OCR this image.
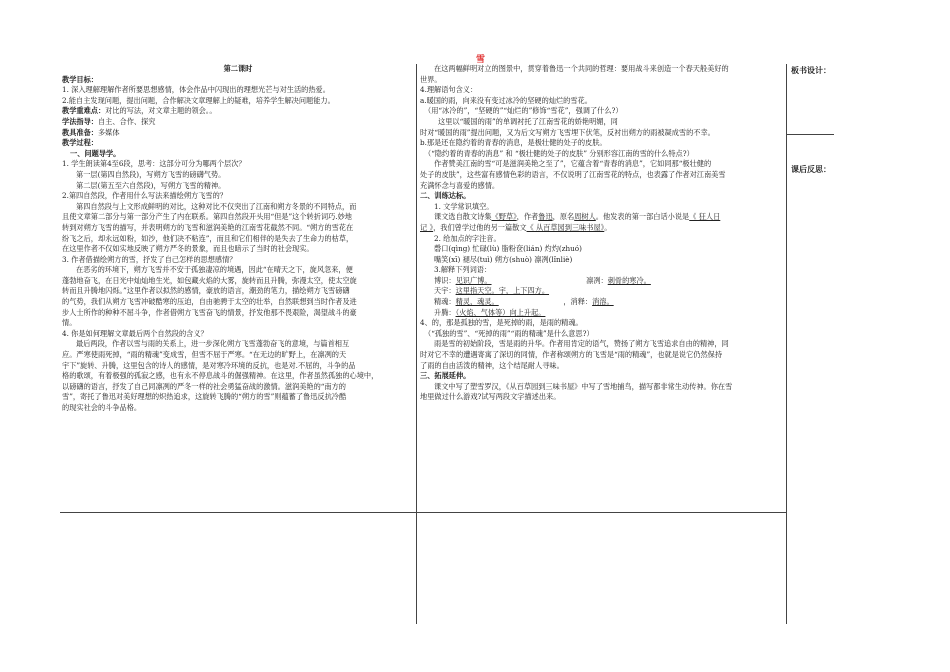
雪

第二课时

教学目标：

1. 深入理解理解作者所要思想感情，体会作品中闪现出的理想光芒与对生活的热爱。

2.能自主发现问题，提出问题，合作解决文章理解上的疑难，培养学生解决问题能力。

教学重难点：对比的写法，对文章主题的领会。。

学法指导：自主、合作、探究

教具准备：多媒体

教学过程：

一、问题导学。

1. 学生朗读第4至6段，思考：这部分可分为哪两个层次？

第一层(第四自然段)，写朔方飞雪的磅礴气势。

第二层(第五至六自然段)，写朔方飞雪的精神。

2.第四自然段，作者用什么写法来描绘朔方飞雪的？

第四自然段与上文形成鲜明的对比，这种对比不仅突出了江南和朔方冬景的不同特点，而

且使文章第二部分与第一部分产生了内在联系。第四自然段开头用“但是”这个转折词巧.妙地

转到对朔方飞雪的描写，并表明朔方的飞雪和滋润美艳的江南雪花截然不同。“朔方的雪花在

纷飞之后，却永远如粉，如沙，他们决不粘连”，而且和它们相伴的是失去了生命力的枯草，

在这里作者不仅如实地反映了朔方严冬的景象，而且也暗示了当时的社会现实。

3. 作者借描绘朔方的雪，抒发了自己怎样的思想感情？

在恶劣的环境下，朔方飞雪并不安于孤独凄凉的境遇，因此“在晴天之下，旋风忽来，便

蓬勃地奋飞，在日光中灿灿地生光，如包藏火焰的大雾，旋转而且升腾，弥漫太空，使太空旋

转而且升腾地闪烁。”这里作者以拟然的感情，豪放的语言，潮劲的笔力，描绘朔方飞雪磅礴

的气势，我们从朔方飞雪冲破酷寒的压迫，自由驰骋于太空的壮举，自然联想到当时作者及进

步人士所作的种种不屈斗争，作者借朔方飞雪奋飞的情景，抒发他那不畏艰险，渴望战斗的豪

情。

4. 你是如何理解文章最后两个自然段的含义？

最后两段，作者以雪与雨的关系上，进一步深化朔方飞雪蓬勃奋飞的意境，与篇首相互

应。严寒使雨死掉，“雨的精魂”变成雪，但雪不屈于严寒。“在无边的旷野上，在凛冽的天

宇下”旋转、升腾，这里包含的诗人的感情，是对寒冷环境的反抗，也是对.不屈的，斗争的品

格的歌颂，有着极强的孤寂之感，也有永不停息战斗的倔强精神。在这里，作者虽然孤独的心境中，

以磅礴的语言，抒发了自己同凛冽的严冬一样的社会勇猛奋战的激情。滋润美艳的“南方的

雪”，寄托了鲁迅对美好理想的炽热追求，这旋转飞腾的“朔方的雪”则蕴蓄了鲁迅反抗冷酷

的现实社会的斗争品格。

在这两幅鲜明对立的图景中，贯穿着鲁迅一个共同的哲理：要用战斗来创造一个春天般美好的

世界。

4.理解语句含义：

a.暖国的雨，向来没有变过冰冷的坚硬的灿烂的雪花。

（用“冰冷的”，“坚硬的”“灿烂的”修饰“雪花”，强调了什么?）

这里以“暖国的雨”的单调衬托了江南雪花的娇艳明媚，同

时对“暖国的雨”提出问题，又为后文写朔方飞雪埋下伏笔，反衬出朔方的雨被凝成雪的不幸。

b.那是还在隐约着的青春的消息，是极壮健的处子的皮肤。

（“隐约着的青春的消息” 和 “极壮健的处子的皮肤” 分别形容江南的雪的什么特点?）

作者赞美江南的雪“可是滋润美艳之至了”，它蕴含着“青春的消息”，它如同那“极壮健的

处子的皮肤”，这些富有感情色彩的语言，不仅说明了江南雪花的特点，也表露了作者对江南美雪

充满怀念与喜爱的感情。

二、训练达标。

1. 文学常识填空。

课文选自散文诗集《野草》，作者鲁迅，原名周树人。他发表的第一部白话小说是《 狂人日

记 》，我们曾学过他的另一篇散文《 从百草园到三味书屋》。

2. 给加点的字注音。

磬口(qìng) 忙碌(lù) 脂粉奁(lián) 灼灼(zhuó)

嘴笑(xī) 褪尽(tuì) 朔方(shuò) 凛冽(lǐnliè)

3.解释下列词语：

博识：见识广博。	凛冽：刺骨的寒冷。

天宇：这里指天空。宇，上下四方。

精魂：精灵，魂灵。	，消释：消溶。

升腾：（火焰、气体等）向上升起。

4、的，那是孤独的雪，是死掉的雨，是雨的精魂。

（“孤独的雪”、“死掉的雨”“雨的精魂”是什么意思?）

雨是雪的初始阶段，雪是雨的升华。作者用肯定的语气，赞扬了朔方飞雪追求自由的精神，同

时对它不幸的遭遇寄寓了深切的同情，作者称颂朔方的飞雪是“雨的精魂”，也就是说它仍然保持

了雨的自由活泼的精神，这个结尾耐人寻味。

三、拓展延伸。

课文中写了塑雪罗汉，《从百草园到三味书屋》中写了雪地捕鸟，描写都非常生动传神。你在雪

地里做过什么游戏?试写两段文字描述出来。

板书设计：
课后反思：
